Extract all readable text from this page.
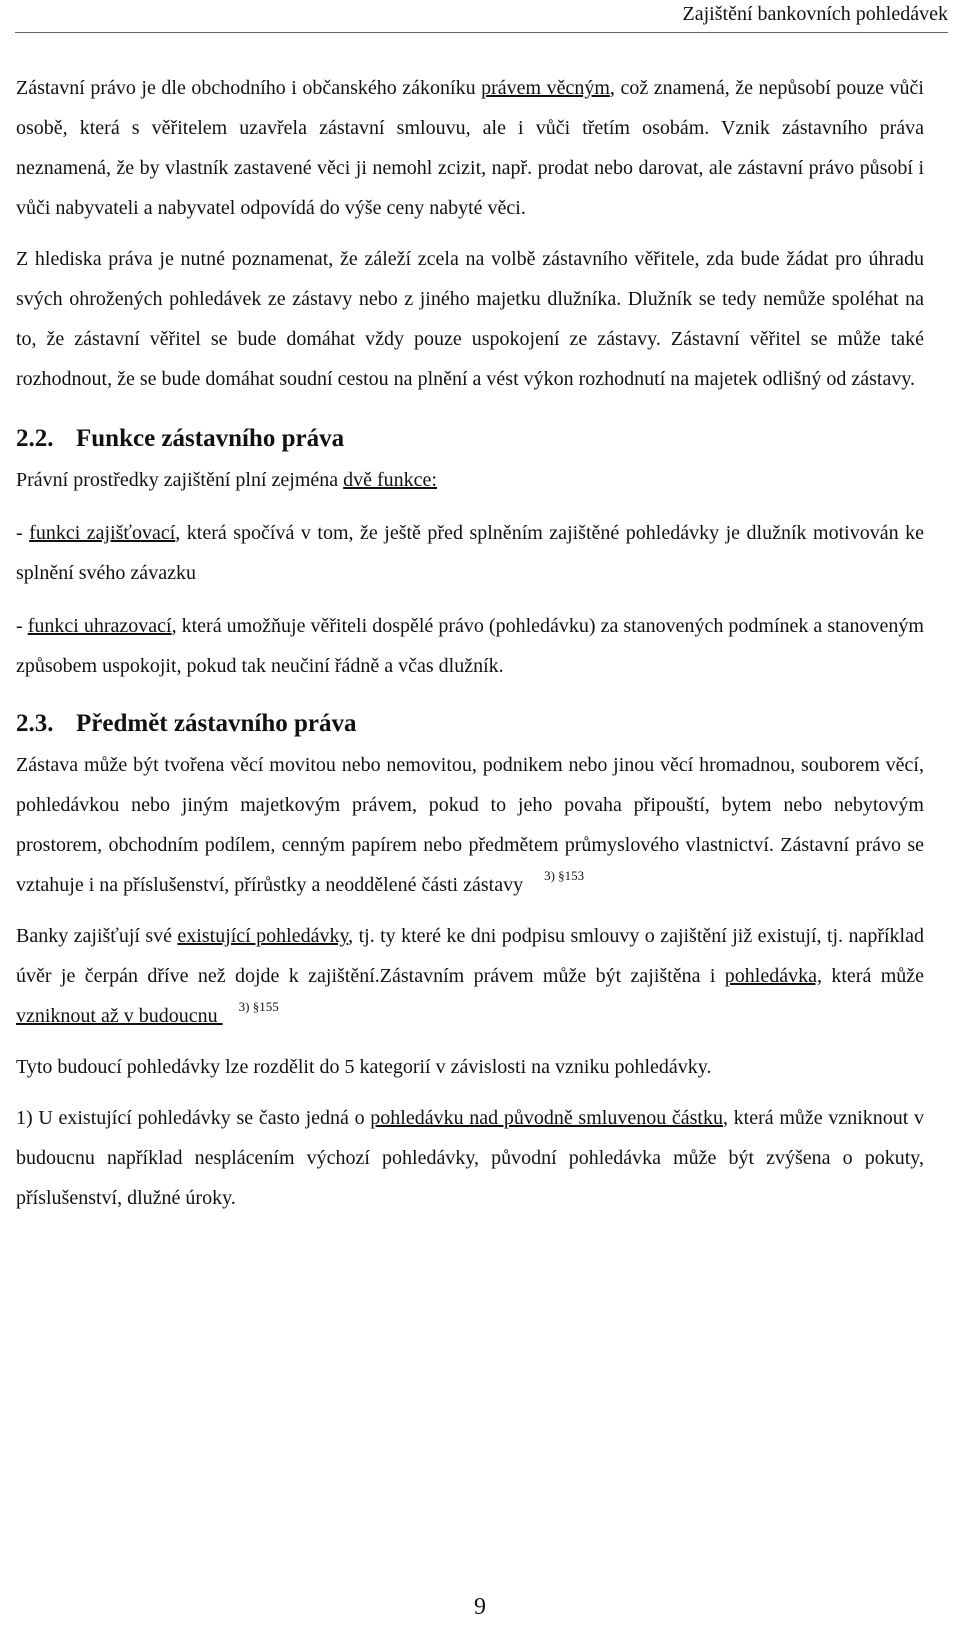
Zajištění bankovních pohledávek

Zástavní právo je dle obchodního i občanského zákoníku právem věcným, což znamená, že nepůsobí pouze vůči osobě, která s věřitelem uzavřela zástavní smlouvu, ale i vůči třetím osobám. Vznik zástavního práva neznamená, že by vlastník zastavené věci ji nemohl zcizit, např. prodat nebo darovat, ale zástavní právo působí i vůči nabyvateli a nabyvatel odpovídá do výše ceny nabyté věci.

Z hlediska práva je nutné poznamenat, že záleží zcela na volbě zástavního věřitele, zda bude žádat pro úhradu svých ohrožených pohledávek ze zástavy nebo z jiného majetku dlužníka. Dlužník se tedy nemůže spoléhat na to, že zástavní věřitel se bude domáhat vždy pouze uspokojení ze zástavy. Zástavní věřitel se může také rozhodnout, že se bude domáhat soudní cestou na plnění a vést výkon rozhodnutí na majetek odlišný od zástavy.

2.2. Funkce zástavního práva

Právní prostředky zajištění plní zejména dvě funkce:

- funkci zajišťovací, která spočívá v tom, že ještě před splněním zajištěné pohledávky je dlužník motivován ke splnění svého závazku

- funkci uhrazovací, která umožňuje věřiteli dospělé právo (pohledávku) za stanovených podmínek a stanoveným způsobem uspokojit, pokud tak neučiní řádně a včas dlužník.

2.3. Předmět zástavního práva

Zástava může být tvořena věcí movitou nebo nemovitou, podnikem nebo jinou věcí hromadnou, souborem věcí, pohledávkou nebo jiným majetkovým právem, pokud to jeho povaha připouští, bytem nebo nebytovým prostorem, obchodním podílem, cenným papírem nebo předmětem průmyslového vlastnictví. Zástavní právo se vztahuje i na příslušenství, přírůstky a neoddělené části zástavy $^{3) \S 153}$

Banky zajišťují své existující pohledávky, tj. ty které ke dni podpisu smlouvy o zajištění již existují, tj. například úvěr je čerpán dříve než dojde k zajištění.Zástavním právem může být zajištěna i pohledávka, která může vzniknout až v budoucnu $^{3) \S 155}$

Tyto budoucí pohledávky lze rozdělit do 5 kategorií v závislosti na vzniku pohledávky.

1) U existující pohledávky se často jedná o pohledávku nad původně smluvenou částku, která může vzniknout v budoucnu například nesplácením výchozí pohledávky, původní pohledávka může být zvýšena o pokuty, příslušenství, dlužné úroky.

9
